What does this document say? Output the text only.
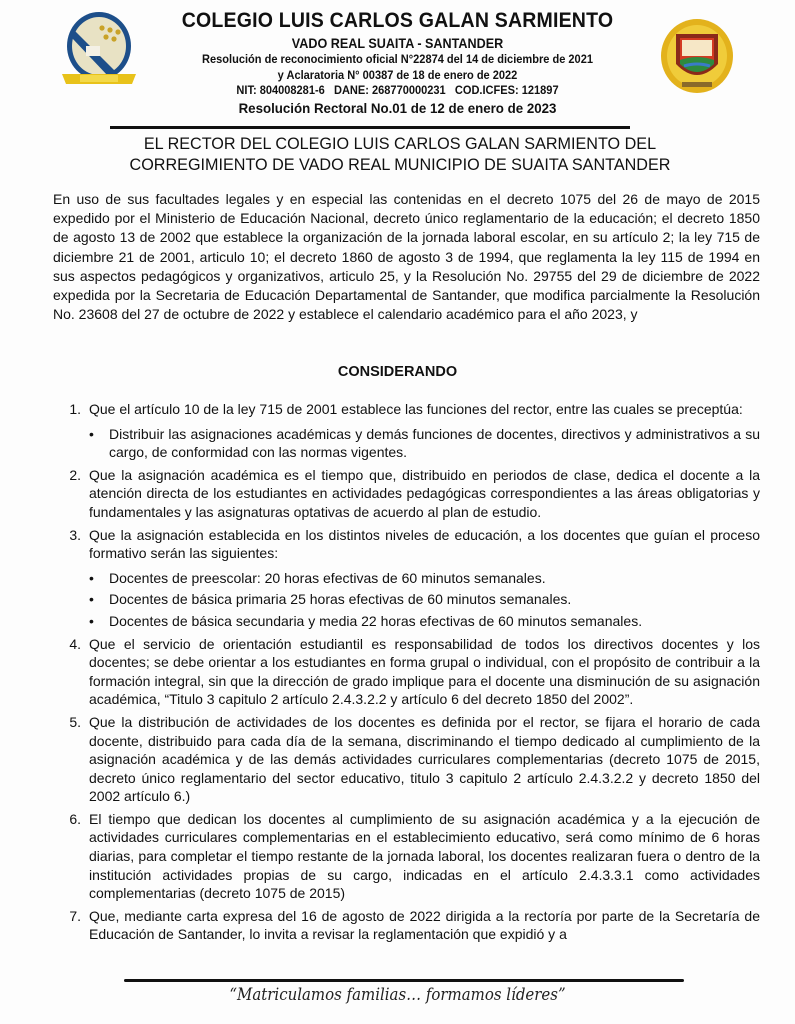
COLEGIO LUIS CARLOS GALAN SARMIENTO
VADO REAL SUAITA - SANTANDER
Resolución de reconocimiento oficial N°22874 del 14 de diciembre de 2021
y Aclaratoria N° 00387 de 18 de enero de 2022
NIT: 804008281-6   DANE: 268770000231   COD.ICFES: 121897
Resolución Rectoral No.01 de 12 de enero de 2023
EL RECTOR DEL COLEGIO LUIS CARLOS GALAN SARMIENTO DEL
CORREGIMIENTO DE VADO REAL MUNICIPIO DE SUAITA SANTANDER
En uso de sus facultades legales y en especial las contenidas en el decreto 1075 del 26 de mayo de 2015 expedido por el Ministerio de Educación Nacional, decreto único reglamentario de la educación; el decreto 1850 de agosto 13 de 2002 que establece la organización de la jornada laboral escolar, en su artículo 2; la ley 715 de diciembre 21 de 2001, articulo 10; el decreto 1860 de agosto 3 de 1994, que reglamenta la ley 115 de 1994 en sus aspectos pedagógicos y organizativos, articulo 25, y la Resolución No. 29755 del 29 de diciembre de 2022 expedida por la Secretaria de Educación Departamental de Santander, que modifica parcialmente la Resolución No. 23608 del 27 de octubre de 2022 y establece el calendario académico para el año 2023, y
CONSIDERANDO
1. Que el artículo 10 de la ley 715 de 2001 establece las funciones del rector, entre las cuales se preceptúa:
• Distribuir las asignaciones académicas y demás funciones de docentes, directivos y administrativos a su cargo, de conformidad con las normas vigentes.
2. Que la asignación académica es el tiempo que, distribuido en periodos de clase, dedica el docente a la atención directa de los estudiantes en actividades pedagógicas correspondientes a las áreas obligatorias y fundamentales y las asignaturas optativas de acuerdo al plan de estudio.
3. Que la asignación establecida en los distintos niveles de educación, a los docentes que guían el proceso formativo serán las siguientes:
• Docentes de preescolar: 20 horas efectivas de 60 minutos semanales.
• Docentes de básica primaria 25 horas efectivas de 60 minutos semanales.
• Docentes de básica secundaria y media 22 horas efectivas de 60 minutos semanales.
4. Que el servicio de orientación estudiantil es responsabilidad de todos los directivos docentes y los docentes; se debe orientar a los estudiantes en forma grupal o individual, con el propósito de contribuir a la formación integral, sin que la dirección de grado implique para el docente una disminución de su asignación académica, “Titulo 3 capitulo 2 artículo 2.4.3.2.2 y artículo 6 del decreto 1850 del 2002”.
5. Que la distribución de actividades de los docentes es definida por el rector, se fijara el horario de cada docente, distribuido para cada día de la semana, discriminando el tiempo dedicado al cumplimiento de la asignación académica y de las demás actividades curriculares complementarias (decreto 1075 de 2015, decreto único reglamentario del sector educativo, titulo 3 capitulo 2 artículo 2.4.3.2.2 y decreto 1850 del 2002 artículo 6.)
6. El tiempo que dedican los docentes al cumplimiento de su asignación académica y a la ejecución de actividades curriculares complementarias en el establecimiento educativo, será como mínimo de 6 horas diarias, para completar el tiempo restante de la jornada laboral, los docentes realizaran fuera o dentro de la institución actividades propias de su cargo, indicadas en el artículo 2.4.3.3.1 como actividades complementarias (decreto 1075 de 2015)
7. Que, mediante carta expresa del 16 de agosto de 2022 dirigida a la rectoría por parte de la Secretaría de Educación de Santander, lo invita a revisar la reglamentación que expidió y a
“Matriculamos familias… formamos líderes”
